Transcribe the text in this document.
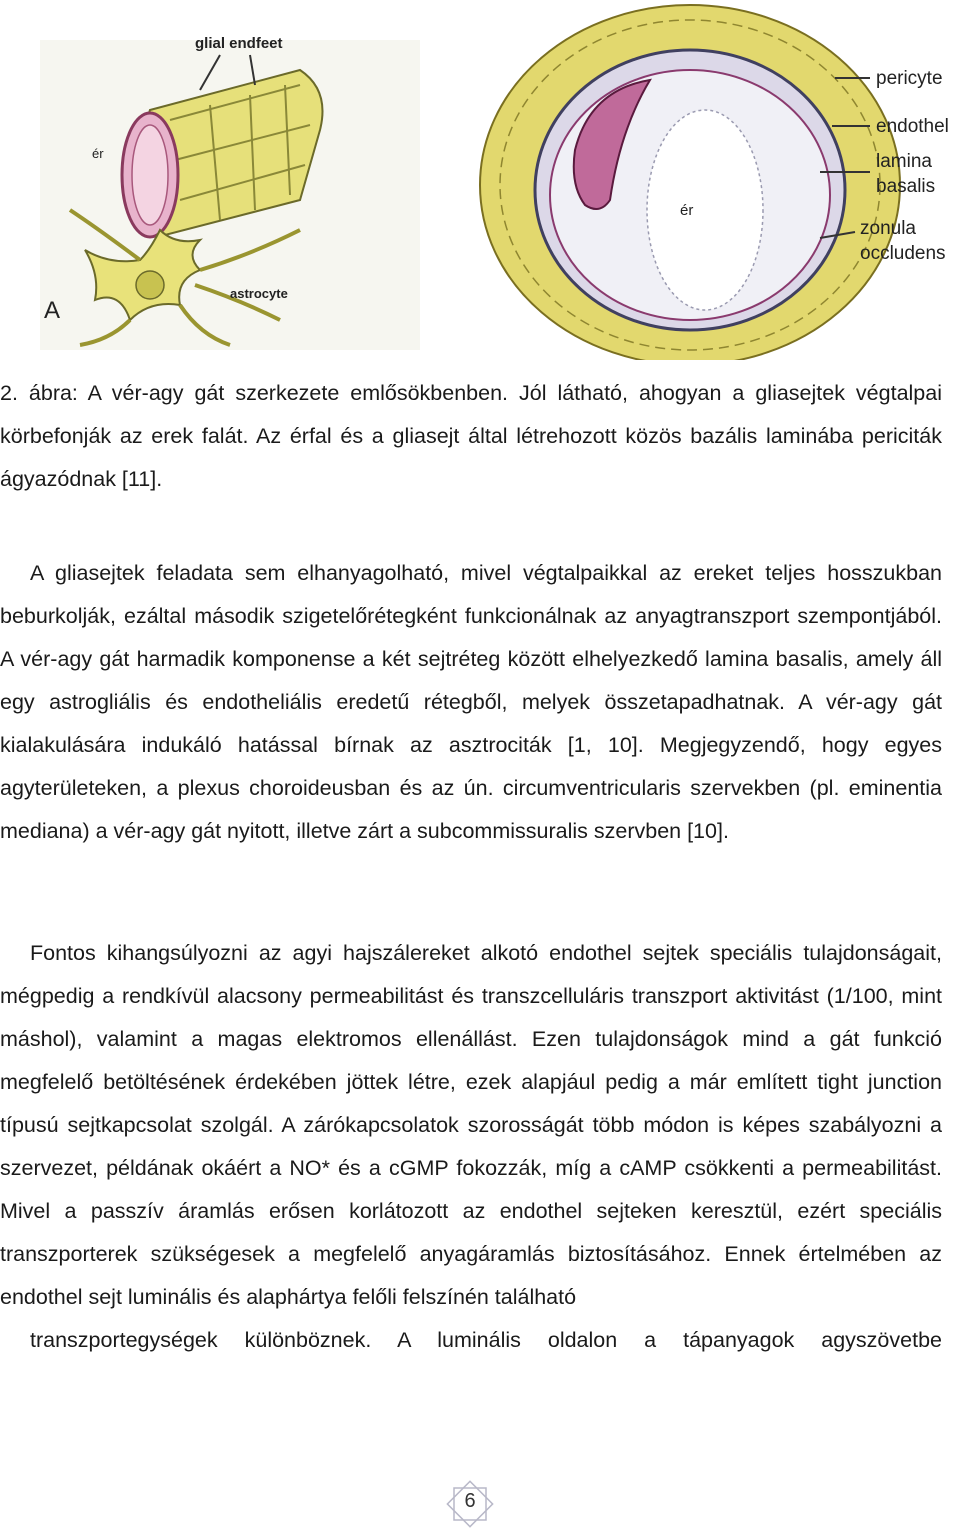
glial endfeet
ér
astrocyte
A
ér
pericyte
endothel
lamina
basalis
zonula
occludens

2. ábra: A vér-agy gát szerkezete emlősökbenben. Jól látható, ahogyan a gliasejtek végtalpai körbefonják az erek falát. Az érfal és a gliasejt által létrehozott közös bazális laminába periciták ágyazódnak [11].

A gliasejtek feladata sem elhanyagolható, mivel végtalpaikkal az ereket teljes hosszukban beburkolják, ezáltal második szigetelőrétegként funkcionálnak az anyagtranszport szempontjából. A vér-agy gát harmadik komponense a két sejtréteg között elhelyezkedő lamina basalis, amely áll egy astrogliális és endotheliális eredetű rétegből, melyek összetapadhatnak. A vér-agy gát kialakulására indukáló hatással bírnak az asztrociták [1, 10]. Megjegyzendő, hogy egyes agyterületeken, a plexus choroideusban és az ún. circumventricularis szervekben (pl. eminentia mediana) a vér-agy gát nyitott, illetve zárt a subcommissuralis szervben [10].

Fontos kihangsúlyozni az agyi hajszálereket alkotó endothel sejtek speciális tulajdonságait, mégpedig a rendkívül alacsony permeabilitást és transzcelluláris transzport aktivitást (1/100, mint máshol), valamint a magas elektromos ellenállást. Ezen tulajdonságok mind a gát funkció megfelelő betöltésének érdekében jöttek létre, ezek alapjául pedig a már említett tight junction típusú sejtkapcsolat szolgál. A zárókapcsolatok szorosságát több módon is képes szabályozni a szervezet, példának okáért a NO* és a cGMP fokozzák, míg a cAMP csökkenti a permeabilitást. Mivel a passzív áramlás erősen korlátozott az endothel sejteken keresztül, ezért speciális transzporterek szükségesek a megfelelő anyagáramlás biztosításához. Ennek értelmében az endothel sejt luminális és alaphártya felőli felszínén található
transzportegységek különböznek. A luminális oldalon a tápanyagok agyszövetbe
6
